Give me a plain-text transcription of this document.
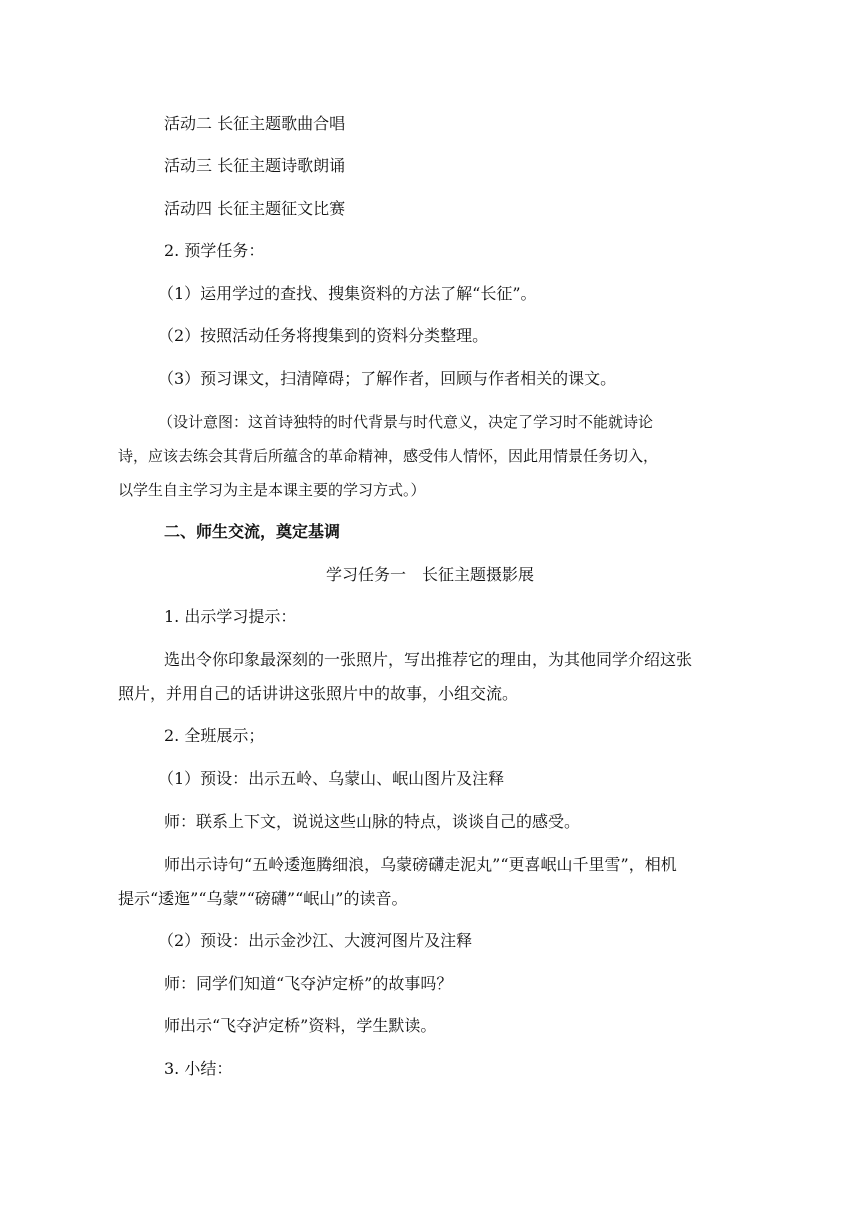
活动二 长征主题歌曲合唱
活动三 长征主题诗歌朗诵
活动四 长征主题征文比赛
2. 预学任务：
（1）运用学过的查找、搜集资料的方法了解“长征”。
（2）按照活动任务将搜集到的资料分类整理。
（3）预习课文，扫清障碍；了解作者，回顾与作者相关的课文。
（设计意图：这首诗独特的时代背景与时代意义，决定了学习时不能就诗论
诗，应该去练会其背后所蕴含的革命精神，感受伟人情怀，因此用情景任务切入，
以学生自主学习为主是本课主要的学习方式。）
二、师生交流，奠定基调
学习任务一　长征主题摄影展
1. 出示学习提示：
选出令你印象最深刻的一张照片，写出推荐它的理由，为其他同学介绍这张
照片，并用自己的话讲讲这张照片中的故事，小组交流。
2. 全班展示；
（1）预设：出示五岭、乌蒙山、岷山图片及注释
师：联系上下文，说说这些山脉的特点，谈谈自己的感受。
师出示诗句“五岭逶迤腾细浪，乌蒙磅礴走泥丸”“更喜岷山千里雪”，相机
提示“逶迤”“乌蒙”“磅礴”“岷山”的读音。
（2）预设：出示金沙江、大渡河图片及注释
师：同学们知道“飞夺泸定桥”的故事吗？
师出示“飞夺泸定桥”资料，学生默读。
3. 小结：
